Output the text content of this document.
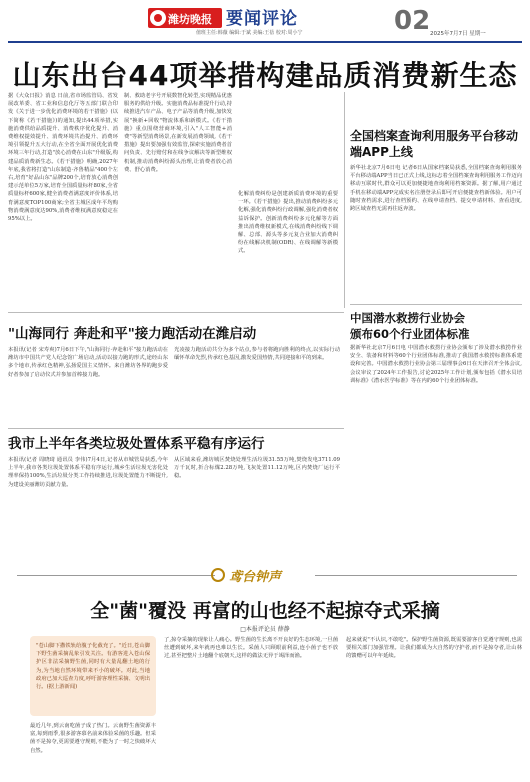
潍坊晚报 要闻评论
值班主任:韩薇 编辑:于斌 美编:王蓓 校对:周小宁	02 2025年7月7日 星期一
山东出台44项举措构建品质消费新生态
据《大众日报》消息 日前,省市场监管局、省发展改革委、省工业和信息化厅等五部门联合印发《关于进一步优化消费环境的若干措施》(以下简称《若干措施》)的通知,提出44项举措,实施消费供给品质提升、消费秩序优化提升、消费维权提效提升、消费环境共治提升、消费环境引领提升五大行动,在全省全面开展优化消费环境三年行动,打造"放心消费在山东"升级版,构建品质消费新生态。《若干措施》明确,2027年年底,我省将打造"山东制造·齐鲁精品"400个左右,培育"好品山东"品牌200个,培育放心消费创建示范单位5万家,培育全国质量标杆80家,全省质量标杆600家,健全消费者满意度评价体系,培育满意度TOP100商家;全省主城区成年平均购物消费满意度达90%,消费者维权满意度稳定在95%以上。
制、救助老字号开展数智化转型,实现精品优惠服务的供给升级。实施消费品标准提升行动,持续推进汽车产品、电子产品等消费升级,加快发展"换新+回收"物流体系和新模式。《若干措施》重点围绕营商环境,引入"人工智能+消费"等新型消费场景,在新发展消费领域,《若干措施》提出要加强有效监管,探索实施消费者首问负责、先行赔付和在线争议解决等新型维权机制,推动消费纠纷源头治理,让消费者放心消费、舒心消费。
化解消费纠纷是创建新质消费环境的重要一环。《若干措施》提出,推动消费纠纷多元化解,强化消费纠纷行政调解,强化消费者权益诉保护。创新消费纠纷多元化解等方面推出消费维权新模式,在线消费纠纷线下调解、总部、源头等多元复合业加大消费纠纷在线解决机制(ODR)、在线调解等新模式。
全国档案查询利用服务平台移动端APP上线
新华社北京7月6日电 记者6日从国家档案局获悉,全国档案查询利用服务平台移动端APP当日已正式上线,这标志着全国档案查询利用服务工作迈向移动互联时代,群众可以更加便捷地查询利用档案资源。据了解,用户通过手机在移动端APP完成实名注册登录后即可开启便捷查档新体验。用户可随时查档需求,进行查档预约、在线申请查档、提交申请材料、查看进度,跨区域查档无需再往返奔波。
中国潜水救捞行业协会
颁布60个行业团体标准
据新华社北京7月6日电 中国潜水救捞行业协会颁布了涉及潜水救捞作业安全、装备和材料等60个行业团体标准,推动了我国潜水救捞标准体系建设和完善。中国潜水救捞行业协会第三届理事会6日在天津召开全体会议,会议审议了2024年工作报告,讨论2025年工作计划,颁布包括《潜水员培训标准》《潜水医学标准》等在内的60个行业团体标准。
"山海同行 奔赴和平"接力跑活动在潍启动
本报讯(记者 宋寿爽)7月6日下午,"山海同行·奔赴和平"接力跑活动在潍坊市中国共产党人纪念馆广场启动,活动以接力跑的形式,途经山东多个地市,传承红色精神,弘扬爱国主义情怀。来自潍坊各界的跑步爱好者参加了启动仪式并参加首棒接力跑。
光凌接力跑活动共分为多个站点,参与者将跑向胜利的终点,以实际行动缅怀革命先烈,传承红色基因,激发爱国热情,共同迎接和平的到来。
我市上半年各类垃圾处置体系平稳有序运行
本报讯(记者 周晓琦 通讯员 李伟)7月4日,记者从市城管局获悉,今年上半年,我市各类垃圾处置体系平稳有序运行,城乡生活垃圾无害化处理率保持100%,生活垃圾分类工作持续推进,垃圾处置能力不断提升,为建设美丽潍坊贡献力量。
从区域来看,潍坊城区焚烧处理生活垃圾31.55万吨,焚烧发电3711.09万千瓦时,折合标煤2.28万吨,飞灰处置11.12万吨,区内焚烧厂运行平稳。
鸢台钟声
全"菌"覆没 再富的山也经不起掠夺式采摘
□本报评论员 薛静
"苍山脚下撒铁轨给腹子化截充了。"近日,苍山脚下野生菌采摘乱象引发关注。有游客进入苍山保护区非法采摘野生菌,同时有大量乱翻土地的行为,为当地自然环境带来不小的破坏。对此,当地政府已加大巡查力度,呼吁游客理性采摘、文明出行。(据上游新闻)
最近几年,到云南吃菌子成了热门。云南野生菌资源丰富,每到雨季,很多游客慕名前来体验采菌的乐趣。但采菌不是掠夺,更需要遵守规则,不能为了一时之快破坏大自然。
了,掠夺采摘的现象让人痛心。野生菌的生长离不开良好的生态环境,一旦菌丝遭到破坏,来年就再也难以生长。采菌人只顾眼前利益,连小菌子也不放过,甚至把整片土地翻个底朝天,这样的做法无异于竭泽而渔。
起来就说"不认识,不敢吃"。保护野生菌资源,既需要游客自觉遵守规则,也需要相关部门加强管理。让我们都成为大自然的守护者,而不是掠夺者,让山林的馈赠可以年年延续。
